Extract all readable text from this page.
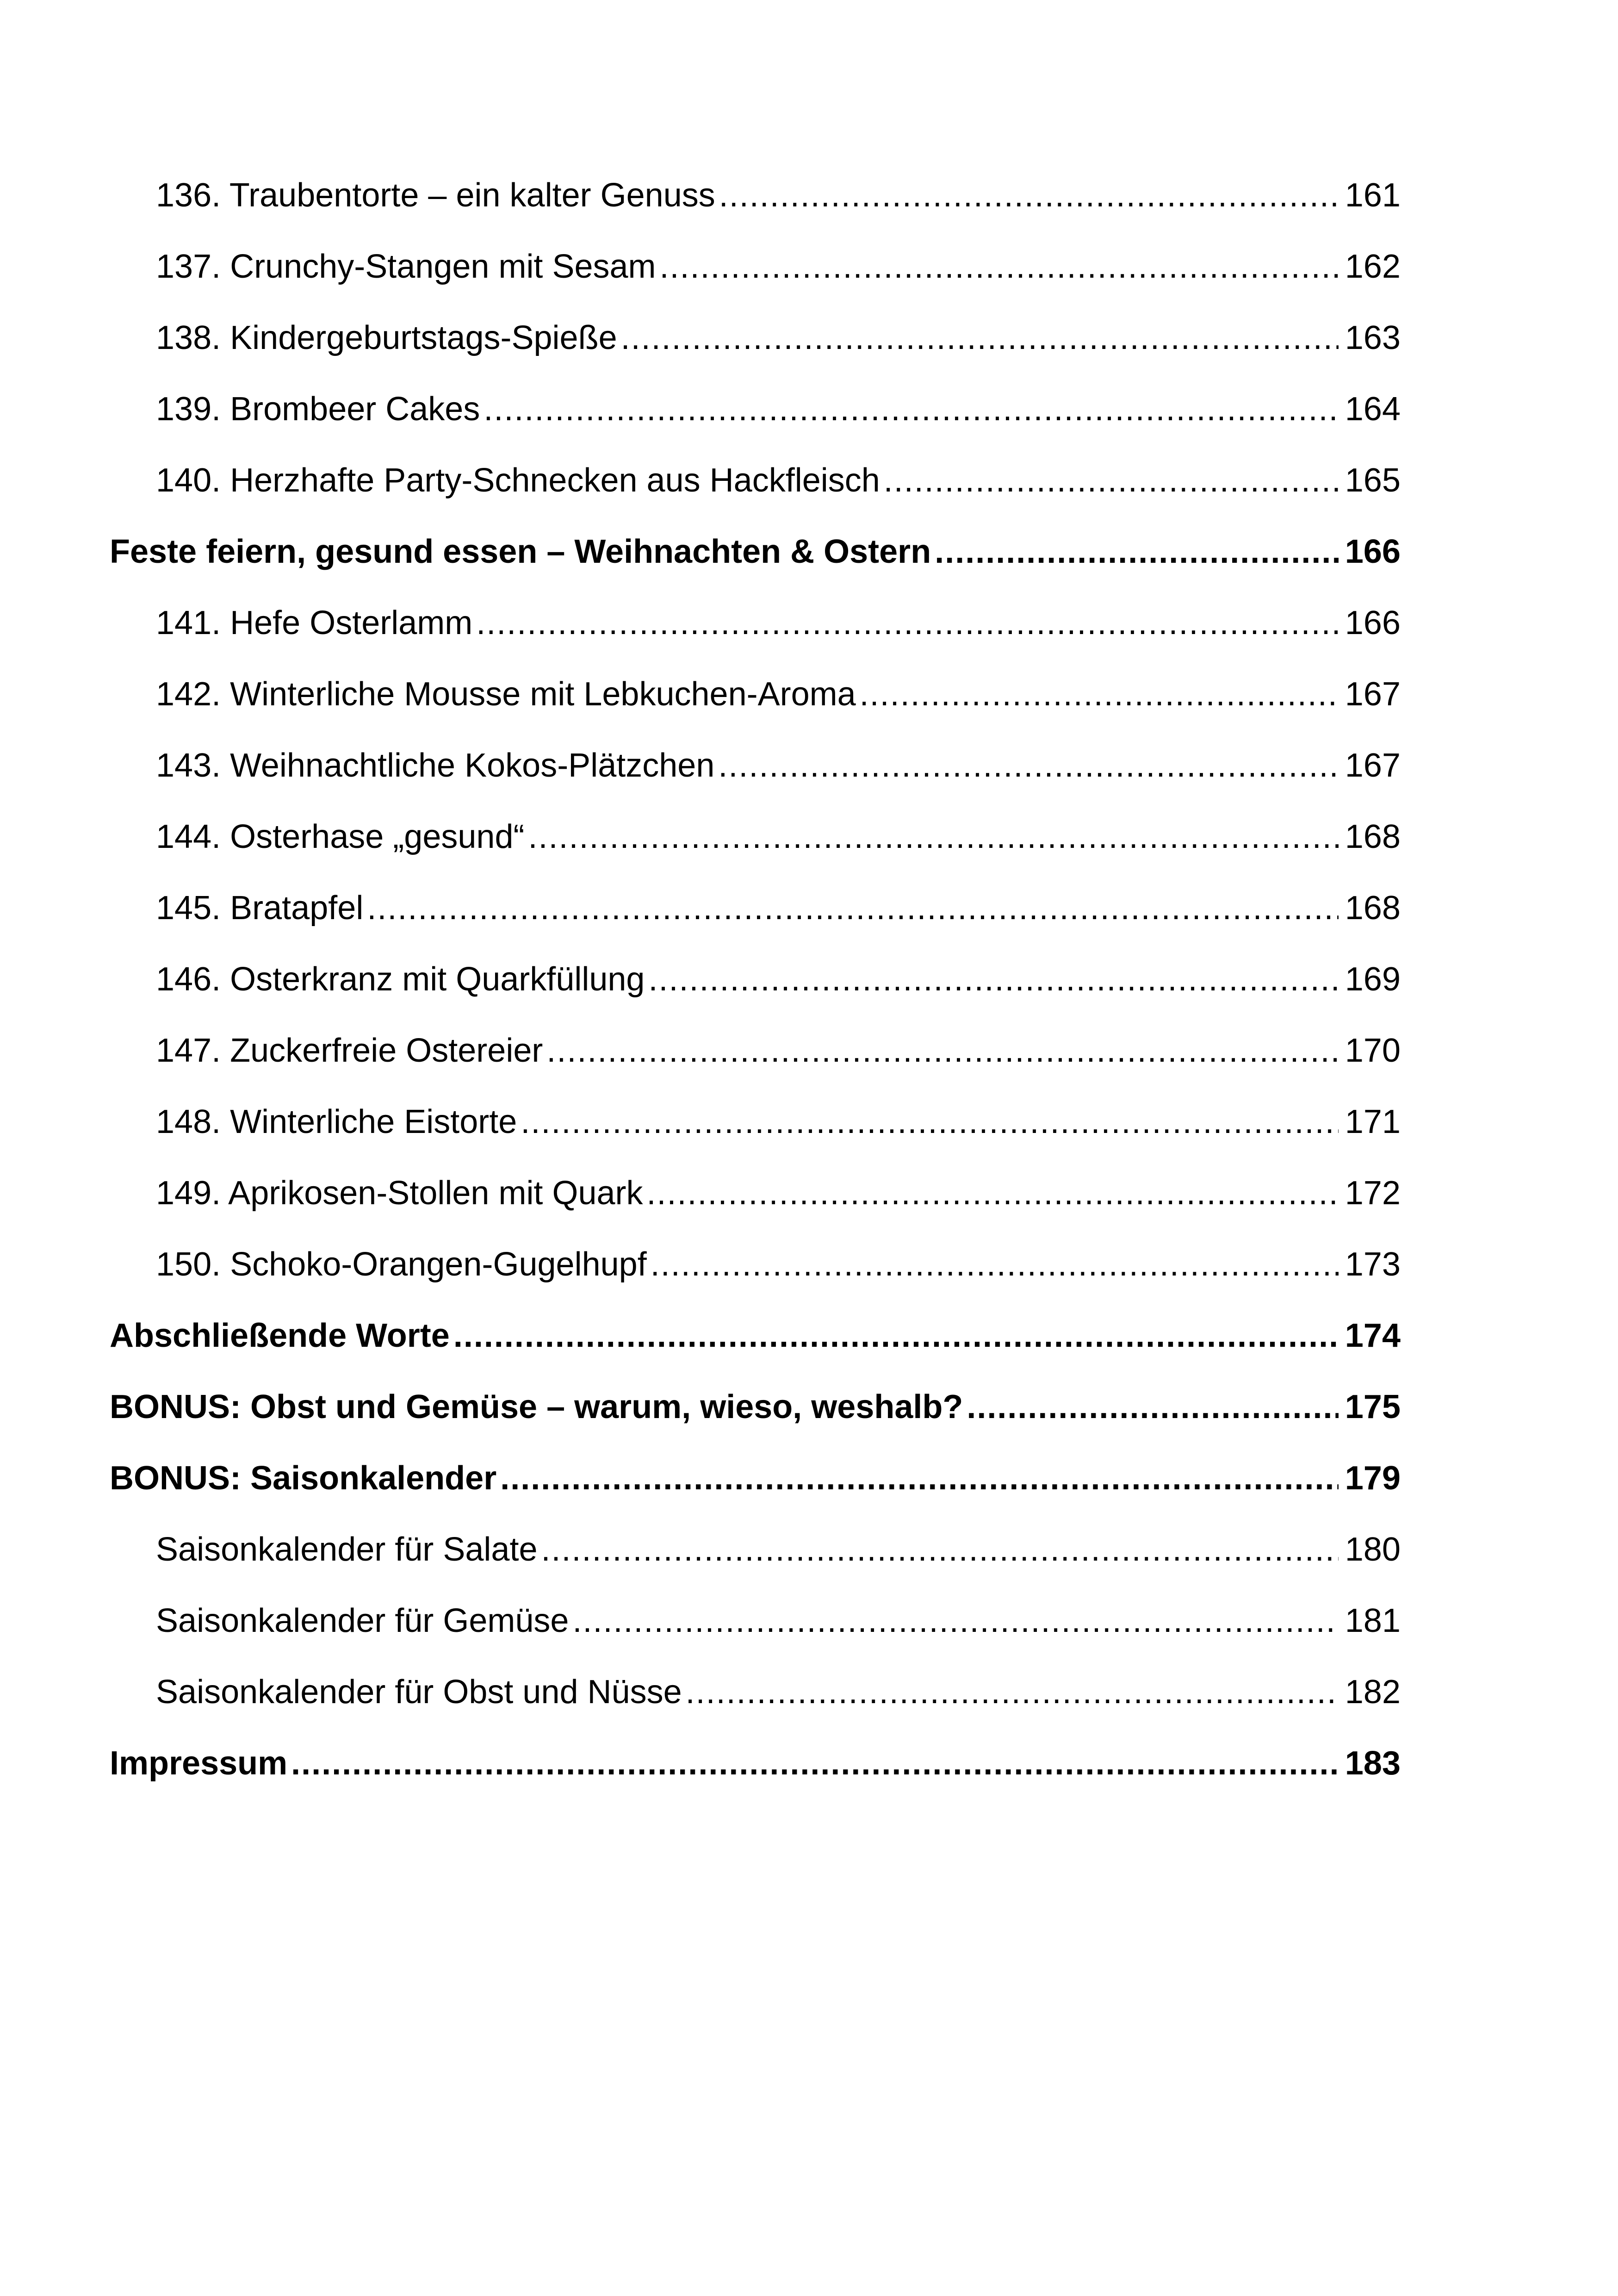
136. Traubentorte – ein kalter Genuss .....	161
137. Crunchy-Stangen mit Sesam .....	162
138. Kindergeburtstags-Spieße .....	163
139. Brombeer Cakes .....	164
140. Herzhafte Party-Schnecken aus Hackfleisch .....	165
Feste feiern, gesund essen – Weihnachten & Ostern .....	166
141. Hefe Osterlamm .....	166
142. Winterliche Mousse mit Lebkuchen-Aroma .....	167
143. Weihnachtliche Kokos-Plätzchen .....	167
144. Osterhase „gesund“ .....	168
145. Bratapfel .....	168
146. Osterkranz mit Quarkfüllung .....	169
147. Zuckerfreie Ostereier .....	170
148. Winterliche Eistorte .....	171
149. Aprikosen-Stollen mit Quark .....	172
150. Schoko-Orangen-Gugelhupf .....	173
Abschließende Worte .....	174
BONUS: Obst und Gemüse – warum, wieso, weshalb? .....	175
BONUS: Saisonkalender .....	179
Saisonkalender für Salate .....	180
Saisonkalender für Gemüse .....	181
Saisonkalender für Obst und Nüsse .....	182
Impressum .....	183
